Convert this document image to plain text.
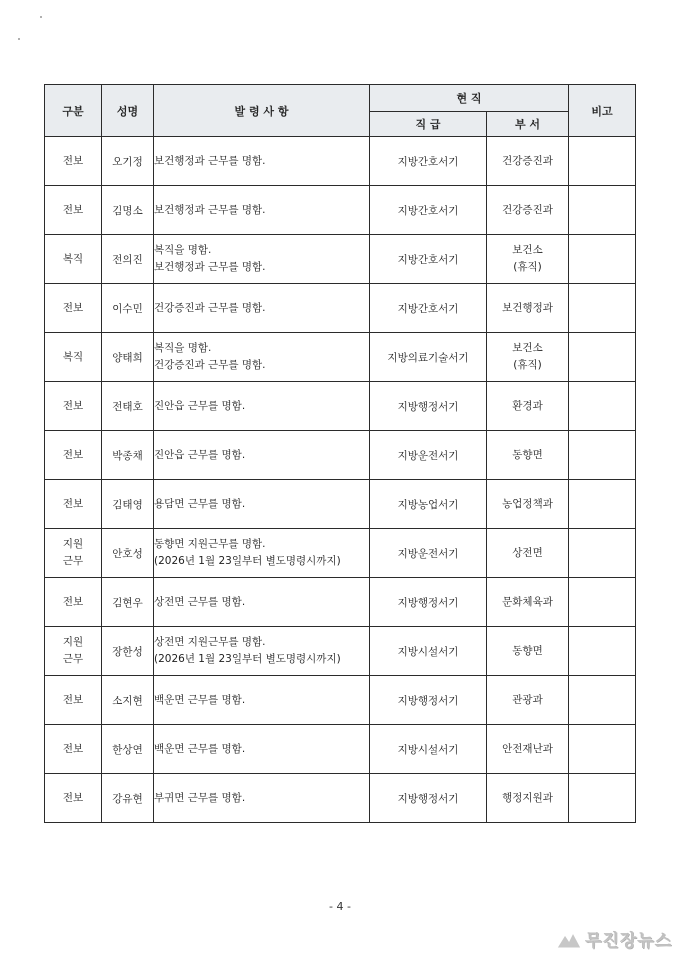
구분	성명	발 령 사 항	현 직		비고
			직 급	부 서	

전보	오기정	보건행정과 근무를 명함.	지방간호서기	건강증진과	

전보	김명소	보건행정과 근무를 명함.	지방간호서기	건강증진과	

복직	전의진	복직을 명함.
보건행정과 근무를 명함.	지방간호서기	보건소
(휴직)	

전보	이수민	건강증진과 근무를 명함.	지방간호서기	보건행정과	

복직	양태희	복직을 명함.
건강증진과 근무를 명함.	지방의료기술서기	보건소
(휴직)	

전보	전태호	진안읍 근무를 명함.	지방행정서기	환경과	

전보	박종채	진안읍 근무를 명함.	지방운전서기	동향면	

전보	김태영	용담면 근무를 명함.	지방농업서기	농업정책과	

지원
근무	안호성	동향면 지원근무를 명함.
(2026년 1월 23일부터 별도명령시까지)	지방운전서기	상전면	

전보	김현우	상전면 근무를 명함.	지방행정서기	문화체육과	

지원
근무	장한성	상전면 지원근무를 명함.
(2026년 1월 23일부터 별도명령시까지)	지방시설서기	동향면	

전보	소지현	백운면 근무를 명함.	지방행정서기	관광과	

전보	한상연	백운면 근무를 명함.	지방시설서기	안전재난과	

전보	강유현	부귀면 근무를 명함.	지방행정서기	행정지원과	

- 4 -
무진장뉴스
